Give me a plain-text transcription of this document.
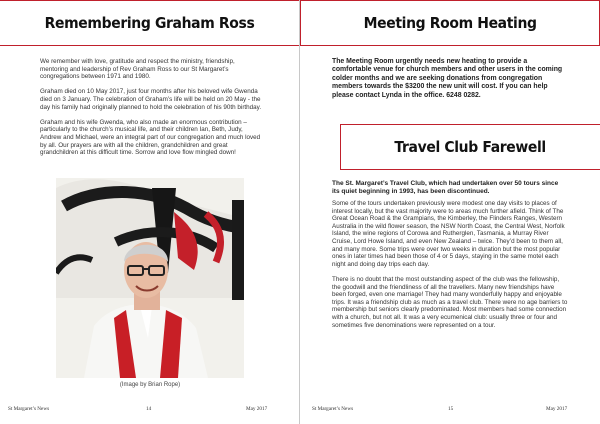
Remembering Graham Ross

We remember with love, gratitude and respect the ministry, friendship, mentoring and leadership of Rev Graham Ross to our St Margaret’s congregations between 1971 and 1980.

Graham died on 10 May 2017, just four months after his beloved wife Gwenda died on 3 January. The celebration of Graham’s life will be held on 20 May - the day his family had originally planned to hold the celebration of his 90th birthday.

Graham and his wife Gwenda, who also made an enormous contribution – particularly to the church’s musical life, and their children Ian, Beth, Judy, Andrew and Michael, were an integral part of our congregation and much loved by all. Our prayers are with all the children, grandchildren and great grandchildren at this difficult time. Sorrow and love flow mingled down!

(Image by Brian Rope)
St Margaret’s News	14	May 2017
Meeting Room Heating
The Meeting Room urgently needs new heating to provide a comfortable venue for church members and other users in the coming colder months and we are seeking donations from congregation members towards the $3200 the new unit will cost. If you can help please contact Lynda in the office. 6248 0282.
Travel Club Farewell
The St. Margaret’s Travel Club, which had undertaken over 50 tours since its quiet beginning in 1993, has been discontinued.

Some of the tours undertaken previously were modest one day visits to places of interest locally, but the vast majority were to areas much further afield. Think of The Great Ocean Road & the Grampians, the Kimberley, the Flinders Ranges, Western Australia in the wild flower season, the NSW North Coast, the Central West, Norfolk Island, the wine regions of Corowa and Rutherglen, Tasmania, a Murray River Cruise, Lord Howe Island, and even New Zealand – twice. They’d been to them all, and many more. Some trips were over two weeks in duration but the most popular ones in later times had been those of 4 or 5 days, staying in the same motel each night and doing day trips each day.

There is no doubt that the most outstanding aspect of the club was the fellowship, the goodwill and the friendliness of all the travellers. Many new friendships have been forged, even one marriage! They had many wonderfully happy and enjoyable trips. It was a friendship club as much as a travel club. There were no age barriers to membership but seniors clearly predominated. Most members had some connection with a church, but not all. It was a very ecumenical club: usually three or four and sometimes five denominations were represented on a tour.

St Margaret’s News	15	May 2017
